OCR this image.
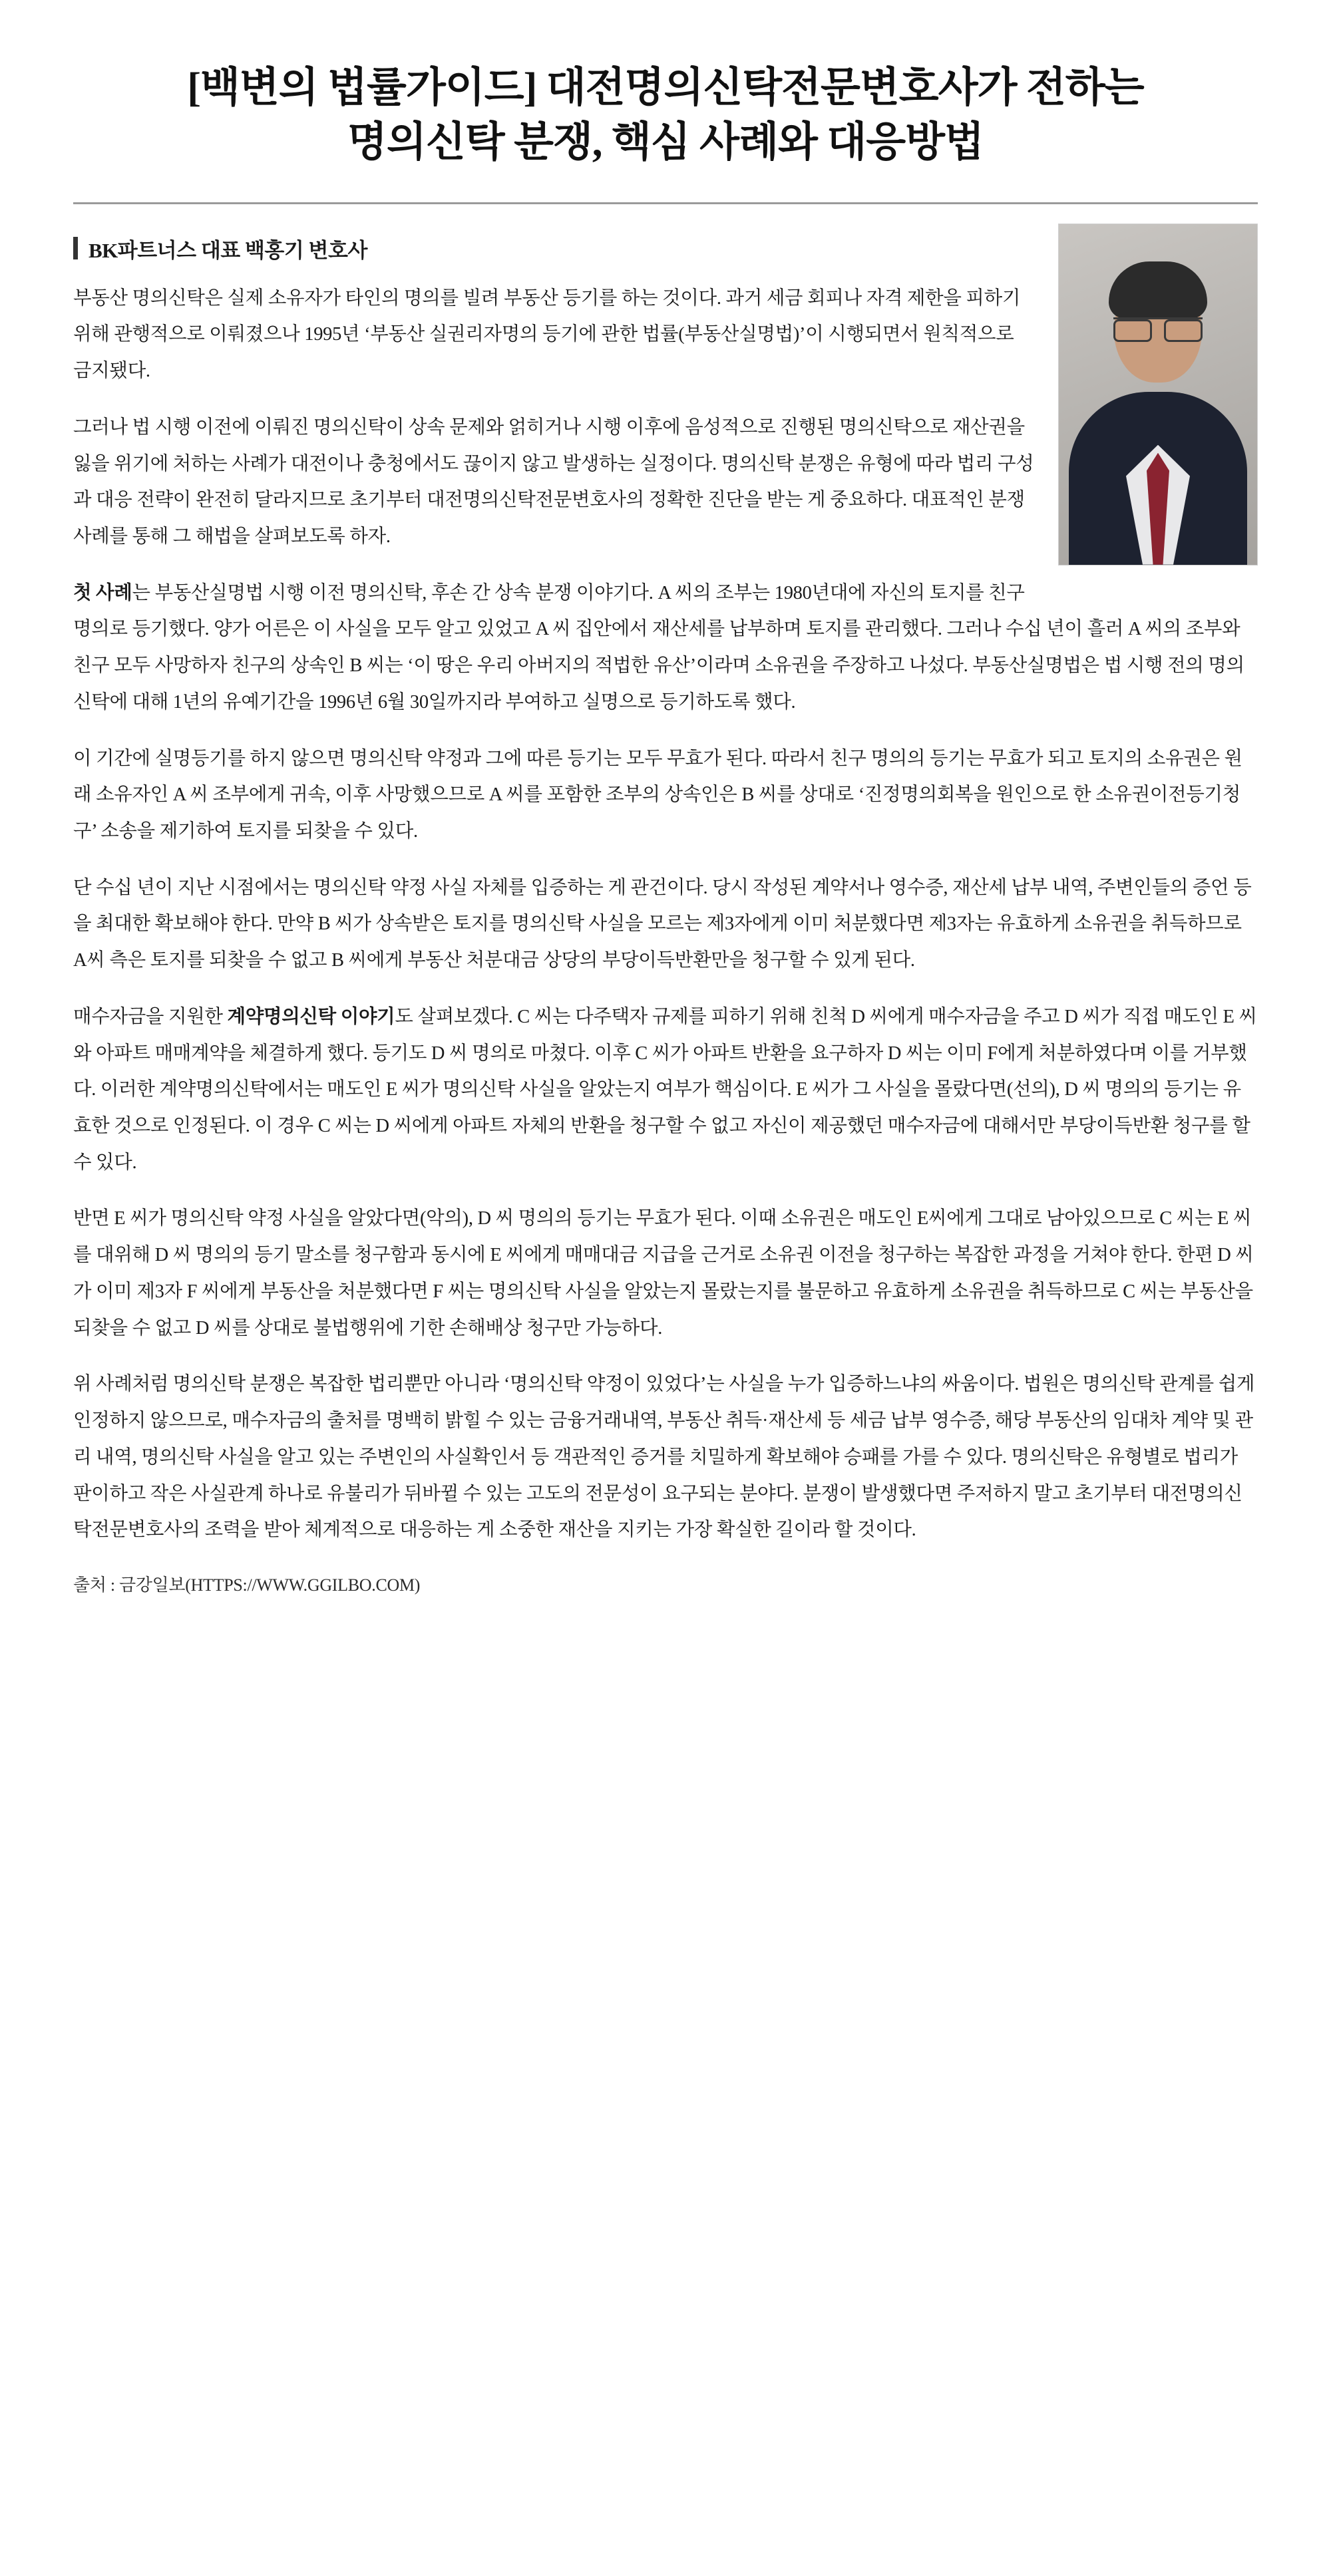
[백변의 법률가이드] 대전명의신탁전문변호사가 전하는
명의신탁 분쟁, 핵심 사례와 대응방법
BK파트너스 대표 백홍기 변호사

부동산 명의신탁은 실제 소유자가 타인의 명의를 빌려 부동산 등기를 하는 것이다. 과거 세금 회피나 자격 제한을 피하기 위해 관행적으로 이뤄졌으나 1995년 ‘부동산 실권리자명의 등기에 관한 법률(부동산실명법)’이 시행되면서 원칙적으로 금지됐다.

그러나 법 시행 이전에 이뤄진 명의신탁이 상속 문제와 얽히거나 시행 이후에 음성적으로 진행된 명의신탁으로 재산권을 잃을 위기에 처하는 사례가 대전이나 충청에서도 끊이지 않고 발생하는 실정이다. 명의신탁 분쟁은 유형에 따라 법리 구성과 대응 전략이 완전히 달라지므로 초기부터 대전명의신탁전문변호사의 정확한 진단을 받는 게 중요하다. 대표적인 분쟁 사례를 통해 그 해법을 살펴보도록 하자.

첫 사례는 부동산실명법 시행 이전 명의신탁, 후손 간 상속 분쟁 이야기다. A 씨의 조부는 1980년대에 자신의 토지를 친구 명의로 등기했다. 양가 어른은 이 사실을 모두 알고 있었고 A 씨 집안에서 재산세를 납부하며 토지를 관리했다. 그러나 수십 년이 흘러 A 씨의 조부와 친구 모두 사망하자 친구의 상속인 B 씨는 ‘이 땅은 우리 아버지의 적법한 유산’이라며 소유권을 주장하고 나섰다. 부동산실명법은 법 시행 전의 명의신탁에 대해 1년의 유예기간을 1996년 6월 30일까지라 부여하고 실명으로 등기하도록 했다.

이 기간에 실명등기를 하지 않으면 명의신탁 약정과 그에 따른 등기는 모두 무효가 된다. 따라서 친구 명의의 등기는 무효가 되고 토지의 소유권은 원래 소유자인 A 씨 조부에게 귀속, 이후 사망했으므로 A 씨를 포함한 조부의 상속인은 B 씨를 상대로 ‘진정명의회복을 원인으로 한 소유권이전등기청구’ 소송을 제기하여 토지를 되찾을 수 있다.

단 수십 년이 지난 시점에서는 명의신탁 약정 사실 자체를 입증하는 게 관건이다. 당시 작성된 계약서나 영수증, 재산세 납부 내역, 주변인들의 증언 등을 최대한 확보해야 한다. 만약 B 씨가 상속받은 토지를 명의신탁 사실을 모르는 제3자에게 이미 처분했다면 제3자는 유효하게 소유권을 취득하므로 A씨 측은 토지를 되찾을 수 없고 B 씨에게 부동산 처분대금 상당의 부당이득반환만을 청구할 수 있게 된다.

매수자금을 지원한 계약명의신탁 이야기도 살펴보겠다. C 씨는 다주택자 규제를 피하기 위해 친척 D 씨에게 매수자금을 주고 D 씨가 직접 매도인 E 씨와 아파트 매매계약을 체결하게 했다. 등기도 D 씨 명의로 마쳤다. 이후 C 씨가 아파트 반환을 요구하자 D 씨는 이미 F에게 처분하였다며 이를 거부했다. 이러한 계약명의신탁에서는 매도인 E 씨가 명의신탁 사실을 알았는지 여부가 핵심이다. E 씨가 그 사실을 몰랐다면(선의), D 씨 명의의 등기는 유효한 것으로 인정된다. 이 경우 C 씨는 D 씨에게 아파트 자체의 반환을 청구할 수 없고 자신이 제공했던 매수자금에 대해서만 부당이득반환 청구를 할 수 있다.

반면 E 씨가 명의신탁 약정 사실을 알았다면(악의), D 씨 명의의 등기는 무효가 된다. 이때 소유권은 매도인 E씨에게 그대로 남아있으므로 C 씨는 E 씨를 대위해 D 씨 명의의 등기 말소를 청구함과 동시에 E 씨에게 매매대금 지급을 근거로 소유권 이전을 청구하는 복잡한 과정을 거쳐야 한다. 한편 D 씨가 이미 제3자 F 씨에게 부동산을 처분했다면 F 씨는 명의신탁 사실을 알았는지 몰랐는지를 불문하고 유효하게 소유권을 취득하므로 C 씨는 부동산을 되찾을 수 없고 D 씨를 상대로 불법행위에 기한 손해배상 청구만 가능하다.

위 사례처럼 명의신탁 분쟁은 복잡한 법리뿐만 아니라 ‘명의신탁 약정이 있었다’는 사실을 누가 입증하느냐의 싸움이다. 법원은 명의신탁 관계를 쉽게 인정하지 않으므로, 매수자금의 출처를 명백히 밝힐 수 있는 금융거래내역, 부동산 취득·재산세 등 세금 납부 영수증, 해당 부동산의 임대차 계약 및 관리 내역, 명의신탁 사실을 알고 있는 주변인의 사실확인서 등 객관적인 증거를 치밀하게 확보해야 승패를 가를 수 있다. 명의신탁은 유형별로 법리가 판이하고 작은 사실관계 하나로 유불리가 뒤바뀔 수 있는 고도의 전문성이 요구되는 분야다. 분쟁이 발생했다면 주저하지 말고 초기부터 대전명의신탁전문변호사의 조력을 받아 체계적으로 대응하는 게 소중한 재산을 지키는 가장 확실한 길이라 할 것이다.

출처 : 금강일보(HTTPS://WWW.GGILBO.COM)
